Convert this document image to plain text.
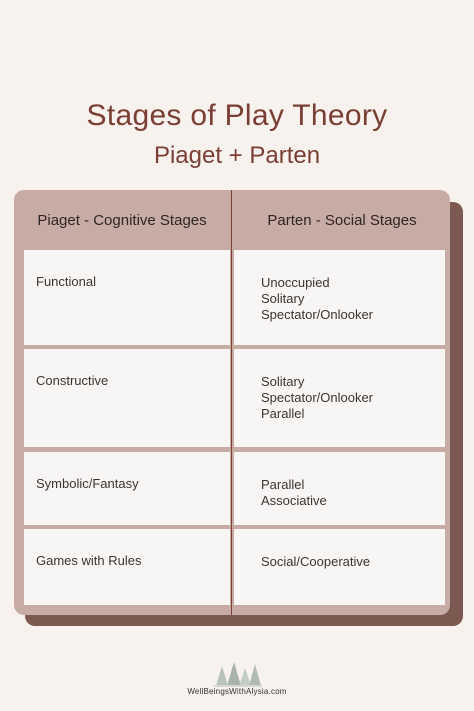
Stages of Play Theory
Piaget + Parten
Piaget - Cognitive Stages	Parten - Social Stages
Functional	Unoccupied
Solitary
Spectator/Onlooker
Constructive	Solitary
Spectator/Onlooker
Parallel
Symbolic/Fantasy	Parallel
Associative
Games with Rules	Social/Cooperative
WellBeingsWithAlysia.com
